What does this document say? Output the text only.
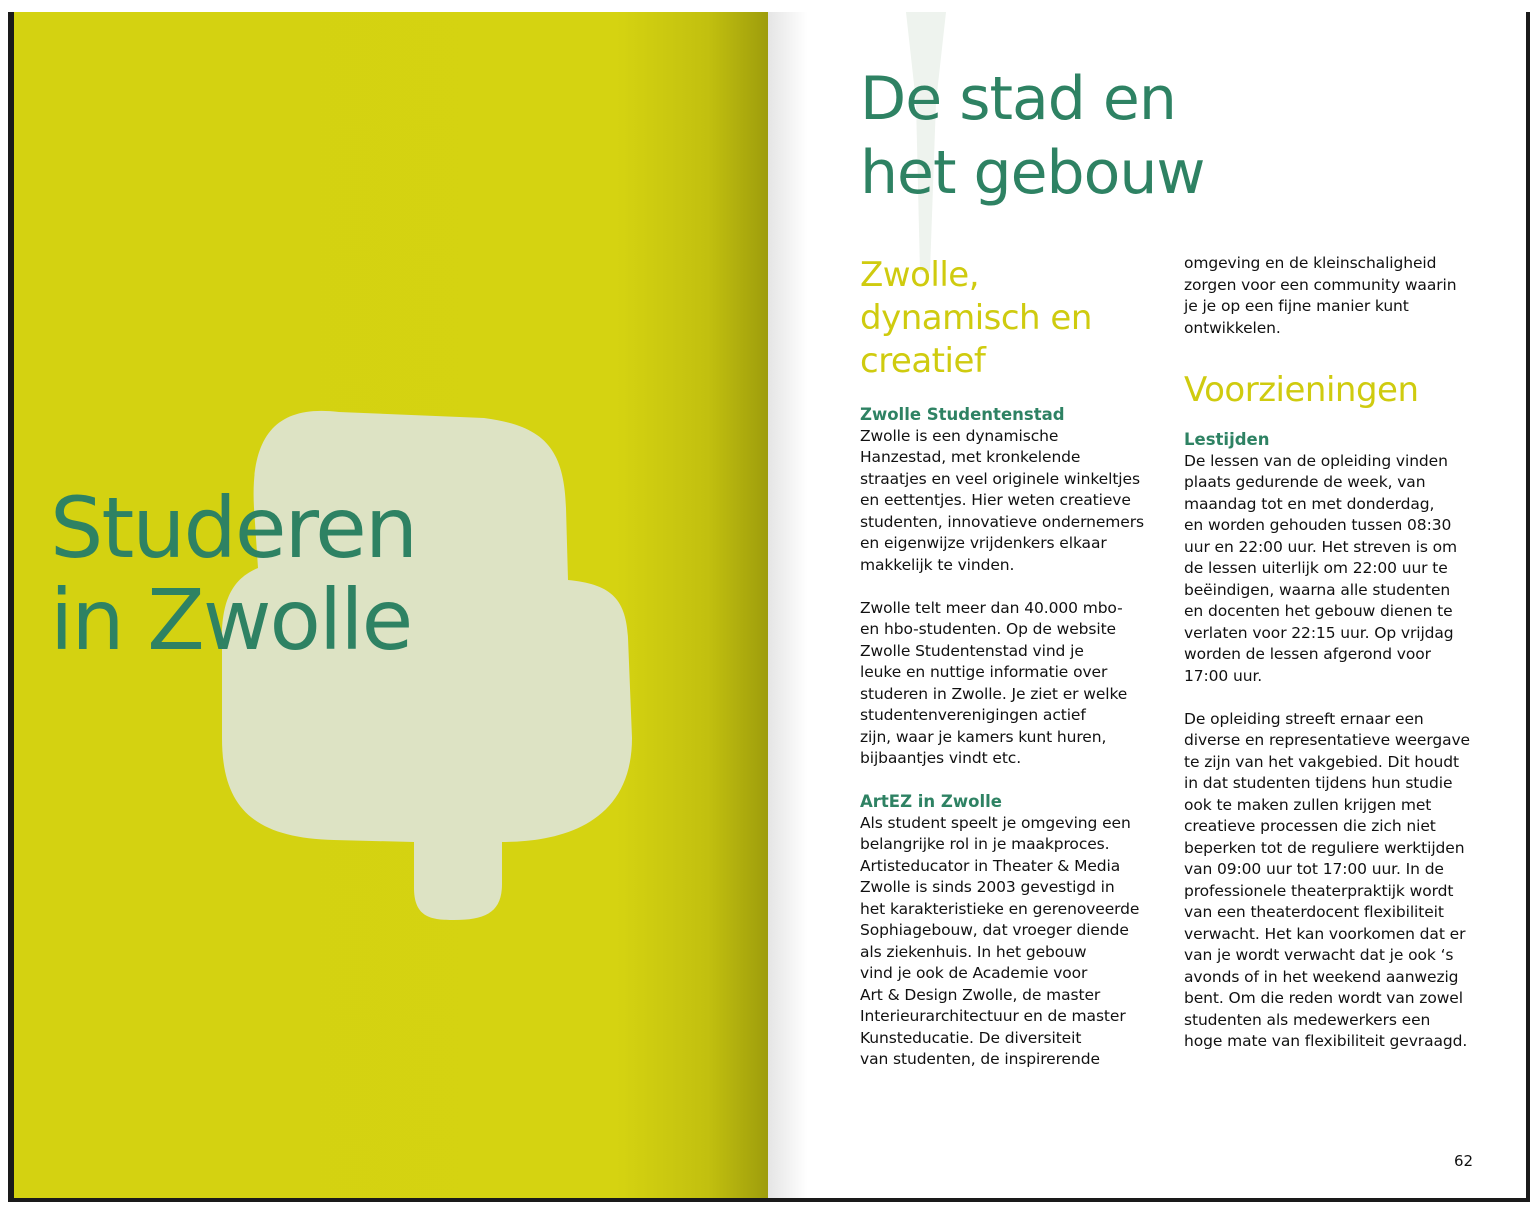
Studeren
in Zwolle
De stad en
het gebouw
Zwolle,
dynamisch en
creatief
Zwolle Studentenstad

Zwolle is een dynamische
Hanzestad, met kronkelende
straatjes en veel originele winkeltjes
en eettentjes. Hier weten creatieve
studenten, innovatieve ondernemers
en eigenwijze vrijdenkers elkaar
makkelijk te vinden.

Zwolle telt meer dan 40.000 mbo-
en hbo-studenten. Op de website
Zwolle Studentenstad vind je
leuke en nuttige informatie over
studeren in Zwolle. Je ziet er welke
studentenverenigingen actief
zijn, waar je kamers kunt huren,
bijbaantjes vindt etc.

ArtEZ in Zwolle

Als student speelt je omgeving een
belangrijke rol in je maakproces.
Artisteducator in Theater & Media
Zwolle is sinds 2003 gevestigd in
het karakteristieke en gerenoveerde
Sophiagebouw, dat vroeger diende
als ziekenhuis. In het gebouw
vind je ook de Academie voor
Art & Design Zwolle, de master
Interieurarchitectuur en de master
Kunsteducatie. De diversiteit
van studenten, de inspirerende

omgeving en de kleinschaligheid
zorgen voor een community waarin
je je op een fijne manier kunt
ontwikkelen.

Voorzieningen
Lestijden

De lessen van de opleiding vinden
plaats gedurende de week, van
maandag tot en met donderdag,
en worden gehouden tussen 08:30
uur en 22:00 uur. Het streven is om
de lessen uiterlijk om 22:00 uur te
beëindigen, waarna alle studenten
en docenten het gebouw dienen te
verlaten voor 22:15 uur. Op vrijdag
worden de lessen afgerond voor
17:00 uur.

De opleiding streeft ernaar een
diverse en representatieve weergave
te zijn van het vakgebied. Dit houdt
in dat studenten tijdens hun studie
ook te maken zullen krijgen met
creatieve processen die zich niet
beperken tot de reguliere werktijden
van 09:00 uur tot 17:00 uur. In de
professionele theaterpraktijk wordt
van een theaterdocent flexibiliteit
verwacht. Het kan voorkomen dat er
van je wordt verwacht dat je ook ‘s
avonds of in het weekend aanwezig
bent. Om die reden wordt van zowel
studenten als medewerkers een
hoge mate van flexibiliteit gevraagd.

62
